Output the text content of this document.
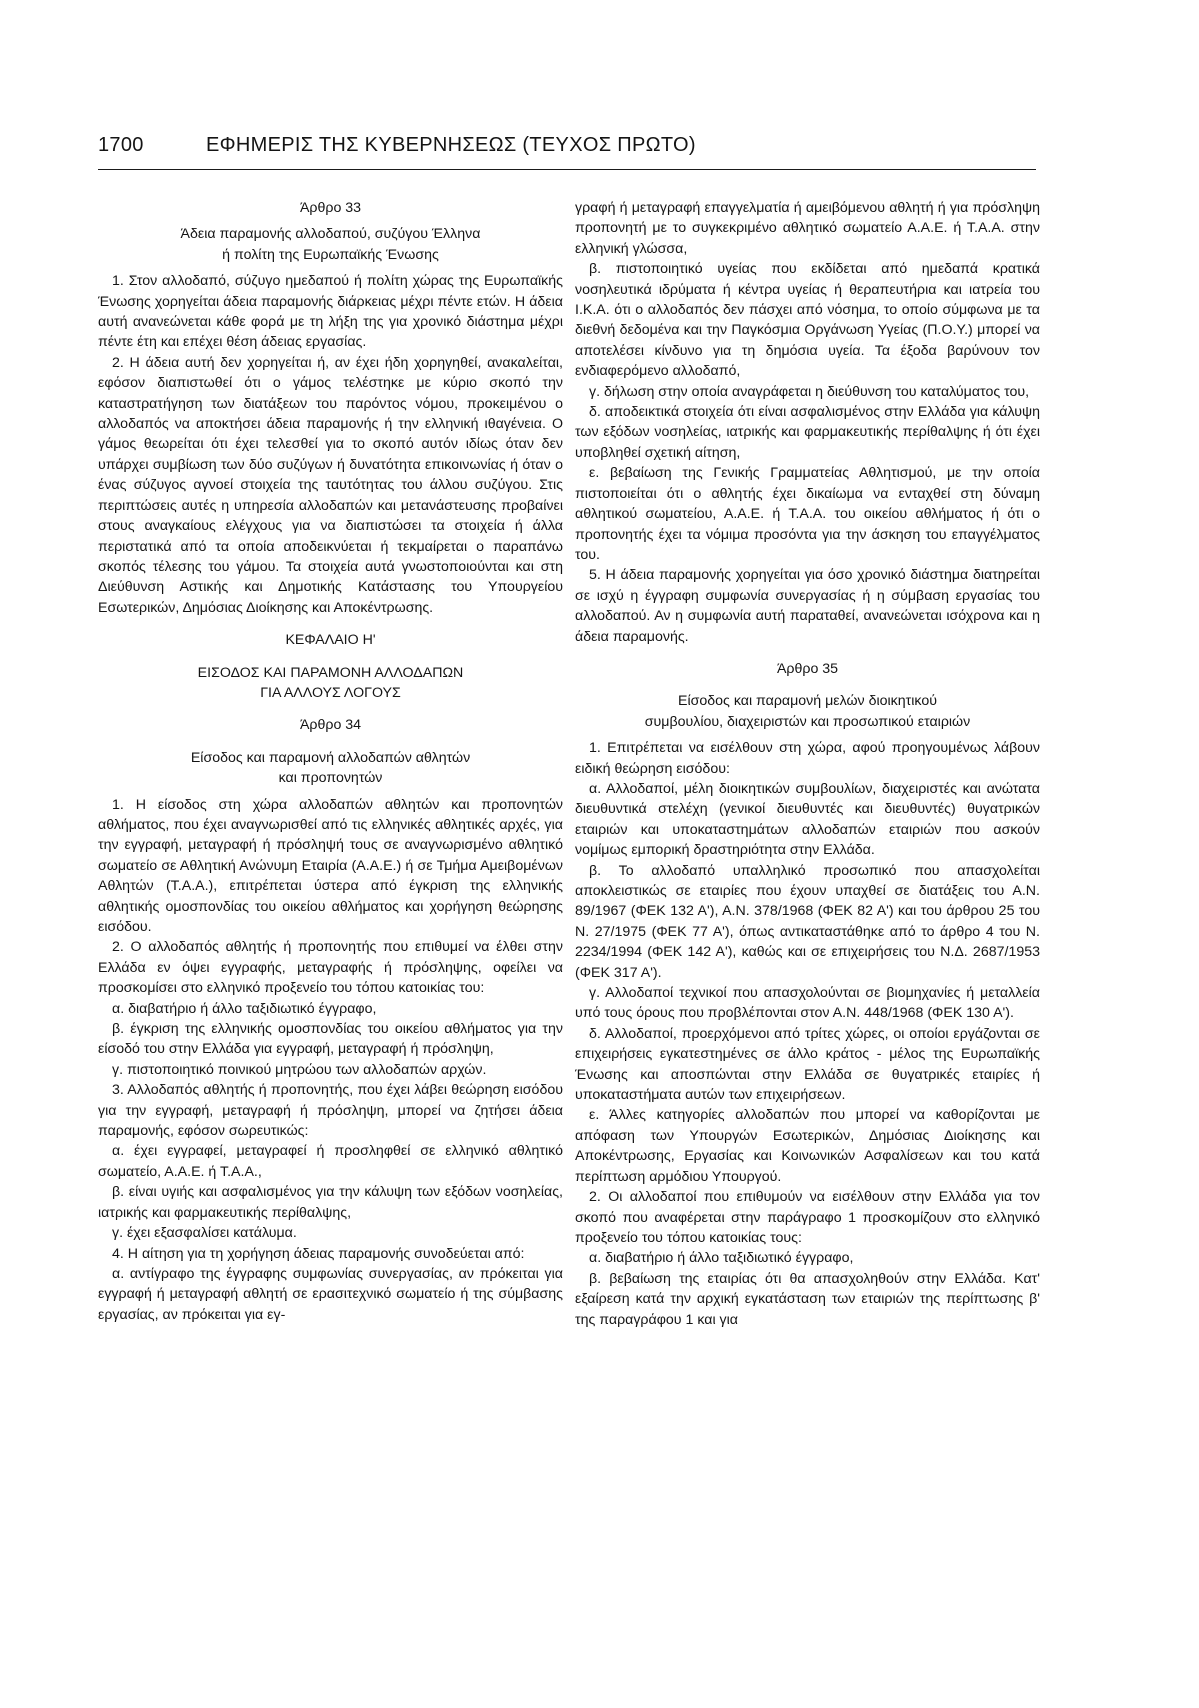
1700	ΕΦΗΜΕΡΙΣ ΤΗΣ ΚΥΒΕΡΝΗΣΕΩΣ (ΤΕΥΧΟΣ ΠΡΩΤΟ)
Άρθρο 33
Άδεια παραμονής αλλοδαπού, συζύγου Έλληνα
ή πολίτη της Ευρωπαϊκής Ένωσης

1. Στον αλλοδαπό, σύζυγο ημεδαπού ή πολίτη χώρας της Ευρωπαϊκής Ένωσης χορηγείται άδεια παραμονής διάρκειας μέχρι πέντε ετών. Η άδεια αυτή ανανεώνεται κάθε φορά με τη λήξη της για χρονικό διάστημα μέχρι πέντε έτη και επέχει θέση άδειας εργασίας.

2. Η άδεια αυτή δεν χορηγείται ή, αν έχει ήδη χορηγηθεί, ανακαλείται, εφόσον διαπιστωθεί ότι ο γάμος τελέστηκε με κύριο σκοπό την καταστρατήγηση των διατάξεων του παρόντος νόμου, προκειμένου ο αλλοδαπός να αποκτήσει άδεια παραμονής ή την ελληνική ιθαγένεια. Ο γάμος θεωρείται ότι έχει τελεσθεί για το σκοπό αυτόν ιδίως όταν δεν υπάρχει συμβίωση των δύο συζύγων ή δυνατότητα επικοινωνίας ή όταν ο ένας σύζυγος αγνοεί στοιχεία της ταυτότητας του άλλου συζύγου. Στις περιπτώσεις αυτές η υπηρεσία αλλοδαπών και μετανάστευσης προβαίνει στους αναγκαίους ελέγχους για να διαπιστώσει τα στοιχεία ή άλλα περιστατικά από τα οποία αποδεικνύεται ή τεκμαίρεται ο παραπάνω σκοπός τέλεσης του γάμου. Τα στοιχεία αυτά γνωστοποιούνται και στη Διεύθυνση Αστικής και Δημοτικής Κατάστασης του Υπουργείου Εσωτερικών, Δημόσιας Διοίκησης και Αποκέντρωσης.

ΚΕΦΑΛΑΙΟ Η'
ΕΙΣΟΔΟΣ ΚΑΙ ΠΑΡΑΜΟΝΗ ΑΛΛΟΔΑΠΩΝ
ΓΙΑ ΑΛΛΟΥΣ ΛΟΓΟΥΣ
Άρθρο 34
Είσοδος και παραμονή αλλοδαπών αθλητών
και προπονητών

1. Η είσοδος στη χώρα αλλοδαπών αθλητών και προπονητών αθλήματος, που έχει αναγνωρισθεί από τις ελληνικές αθλητικές αρχές, για την εγγραφή, μεταγραφή ή πρόσληψή τους σε αναγνωρισμένο αθλητικό σωματείο σε Αθλητική Ανώνυμη Εταιρία (Α.Α.Ε.) ή σε Τμήμα Αμειβομένων Αθλητών (Τ.Α.Α.), επιτρέπεται ύστερα από έγκριση της ελληνικής αθλητικής ομοσπονδίας του οικείου αθλήματος και χορήγηση θεώρησης εισόδου.

2. Ο αλλοδαπός αθλητής ή προπονητής που επιθυμεί να έλθει στην Ελλάδα εν όψει εγγραφής, μεταγραφής ή πρόσληψης, οφείλει να προσκομίσει στο ελληνικό προξενείο του τόπου κατοικίας του:

α. διαβατήριο ή άλλο ταξιδιωτικό έγγραφο,

β. έγκριση της ελληνικής ομοσπονδίας του οικείου αθλήματος για την είσοδό του στην Ελλάδα για εγγραφή, μεταγραφή ή πρόσληψη,

γ. πιστοποιητικό ποινικού μητρώου των αλλοδαπών αρχών.

3. Αλλοδαπός αθλητής ή προπονητής, που έχει λάβει θεώρηση εισόδου για την εγγραφή, μεταγραφή ή πρόσληψη, μπορεί να ζητήσει άδεια παραμονής, εφόσον σωρευτικώς:

α. έχει εγγραφεί, μεταγραφεί ή προσληφθεί σε ελληνικό αθλητικό σωματείο, Α.Α.Ε. ή Τ.Α.Α.,

β. είναι υγιής και ασφαλισμένος για την κάλυψη των εξόδων νοσηλείας, ιατρικής και φαρμακευτικής περίθαλψης,

γ. έχει εξασφαλίσει κατάλυμα.

4. Η αίτηση για τη χορήγηση άδειας παραμονής συνοδεύεται από:

α. αντίγραφο της έγγραφης συμφωνίας συνεργασίας, αν πρόκειται για εγγραφή ή μεταγραφή αθλητή σε ερασιτεχνικό σωματείο ή της σύμβασης εργασίας, αν πρόκειται για εγ-

γραφή ή μεταγραφή επαγγελματία ή αμειβόμενου αθλητή ή για πρόσληψη προπονητή με το συγκεκριμένο αθλητικό σωματείο Α.Α.Ε. ή Τ.Α.Α. στην ελληνική γλώσσα,

β. πιστοποιητικό υγείας που εκδίδεται από ημεδαπά κρατικά νοσηλευτικά ιδρύματα ή κέντρα υγείας ή θεραπευτήρια και ιατρεία του Ι.Κ.Α. ότι ο αλλοδαπός δεν πάσχει από νόσημα, το οποίο σύμφωνα με τα διεθνή δεδομένα και την Παγκόσμια Οργάνωση Υγείας (Π.Ο.Υ.) μπορεί να αποτελέσει κίνδυνο για τη δημόσια υγεία. Τα έξοδα βαρύνουν τον ενδιαφερόμενο αλλοδαπό,

γ. δήλωση στην οποία αναγράφεται η διεύθυνση του καταλύματος του,

δ. αποδεικτικά στοιχεία ότι είναι ασφαλισμένος στην Ελλάδα για κάλυψη των εξόδων νοσηλείας, ιατρικής και φαρμακευτικής περίθαλψης ή ότι έχει υποβληθεί σχετική αίτηση,

ε. βεβαίωση της Γενικής Γραμματείας Αθλητισμού, με την οποία πιστοποιείται ότι ο αθλητής έχει δικαίωμα να ενταχθεί στη δύναμη αθλητικού σωματείου, Α.Α.Ε. ή Τ.Α.Α. του οικείου αθλήματος ή ότι ο προπονητής έχει τα νόμιμα προσόντα για την άσκηση του επαγγέλματος του.

5. Η άδεια παραμονής χορηγείται για όσο χρονικό διάστημα διατηρείται σε ισχύ η έγγραφη συμφωνία συνεργασίας ή η σύμβαση εργασίας του αλλοδαπού. Αν η συμφωνία αυτή παραταθεί, ανανεώνεται ισόχρονα και η άδεια παραμονής.

Άρθρο 35
Είσοδος και παραμονή μελών διοικητικού
συμβουλίου, διαχειριστών και προσωπικού εταιριών

1. Επιτρέπεται να εισέλθουν στη χώρα, αφού προηγουμένως λάβουν ειδική θεώρηση εισόδου:

α. Αλλοδαποί, μέλη διοικητικών συμβουλίων, διαχειριστές και ανώτατα διευθυντικά στελέχη (γενικοί διευθυντές και διευθυντές) θυγατρικών εταιριών και υποκαταστημάτων αλλοδαπών εταιριών που ασκούν νομίμως εμπορική δραστηριότητα στην Ελλάδα.

β. Το αλλοδαπό υπαλληλικό προσωπικό που απασχολείται αποκλειστικώς σε εταιρίες που έχουν υπαχθεί σε διατάξεις του Α.Ν. 89/1967 (ΦΕΚ 132 Α'), Α.Ν. 378/1968 (ΦΕΚ 82 Α') και του άρθρου 25 του Ν. 27/1975 (ΦΕΚ 77 Α'), όπως αντικαταστάθηκε από το άρθρο 4 του Ν. 2234/1994 (ΦΕΚ 142 Α'), καθώς και σε επιχειρήσεις του Ν.Δ. 2687/1953 (ΦΕΚ 317 Α').

γ. Αλλοδαποί τεχνικοί που απασχολούνται σε βιομηχανίες ή μεταλλεία υπό τους όρους που προβλέπονται στον Α.Ν. 448/1968 (ΦΕΚ 130 Α').

δ. Αλλοδαποί, προερχόμενοι από τρίτες χώρες, οι οποίοι εργάζονται σε επιχειρήσεις εγκατεστημένες σε άλλο κράτος - μέλος της Ευρωπαϊκής Ένωσης και αποσπώνται στην Ελλάδα σε θυγατρικές εταιρίες ή υποκαταστήματα αυτών των επιχειρήσεων.

ε. Άλλες κατηγορίες αλλοδαπών που μπορεί να καθορίζονται με απόφαση των Υπουργών Εσωτερικών, Δημόσιας Διοίκησης και Αποκέντρωσης, Εργασίας και Κοινωνικών Ασφαλίσεων και του κατά περίπτωση αρμόδιου Υπουργού.

2. Οι αλλοδαποί που επιθυμούν να εισέλθουν στην Ελλάδα για τον σκοπό που αναφέρεται στην παράγραφο 1 προσκομίζουν στο ελληνικό προξενείο του τόπου κατοικίας τους:

α. διαβατήριο ή άλλο ταξιδιωτικό έγγραφο,

β. βεβαίωση της εταιρίας ότι θα απασχοληθούν στην Ελλάδα. Κατ' εξαίρεση κατά την αρχική εγκατάσταση των εταιριών της περίπτωσης β' της παραγράφου 1 και για
